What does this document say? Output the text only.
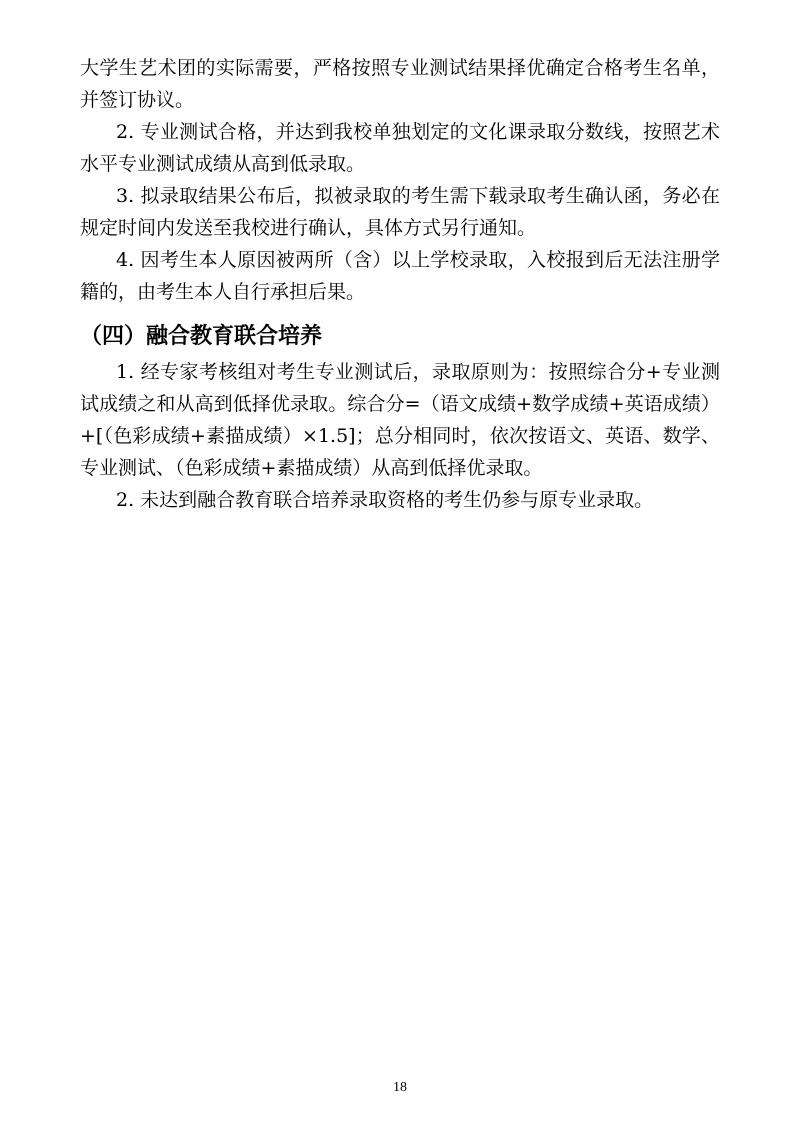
大学生艺术团的实际需要，严格按照专业测试结果择优确定合格考生名单，并签订协议。

2. 专业测试合格，并达到我校单独划定的文化课录取分数线，按照艺术水平专业测试成绩从高到低录取。

3. 拟录取结果公布后，拟被录取的考生需下载录取考生确认函，务必在规定时间内发送至我校进行确认，具体方式另行通知。

4. 因考生本人原因被两所（含）以上学校录取，入校报到后无法注册学籍的，由考生本人自行承担后果。

（四）融合教育联合培养

1. 经专家考核组对考生专业测试后，录取原则为：按照综合分+专业测试成绩之和从高到低择优录取。综合分=（语文成绩+数学成绩+英语成绩）+[（色彩成绩+素描成绩）×1.5]；总分相同时，依次按语文、英语、数学、专业测试、（色彩成绩+素描成绩）从高到低择优录取。

2. 未达到融合教育联合培养录取资格的考生仍参与原专业录取。

18
